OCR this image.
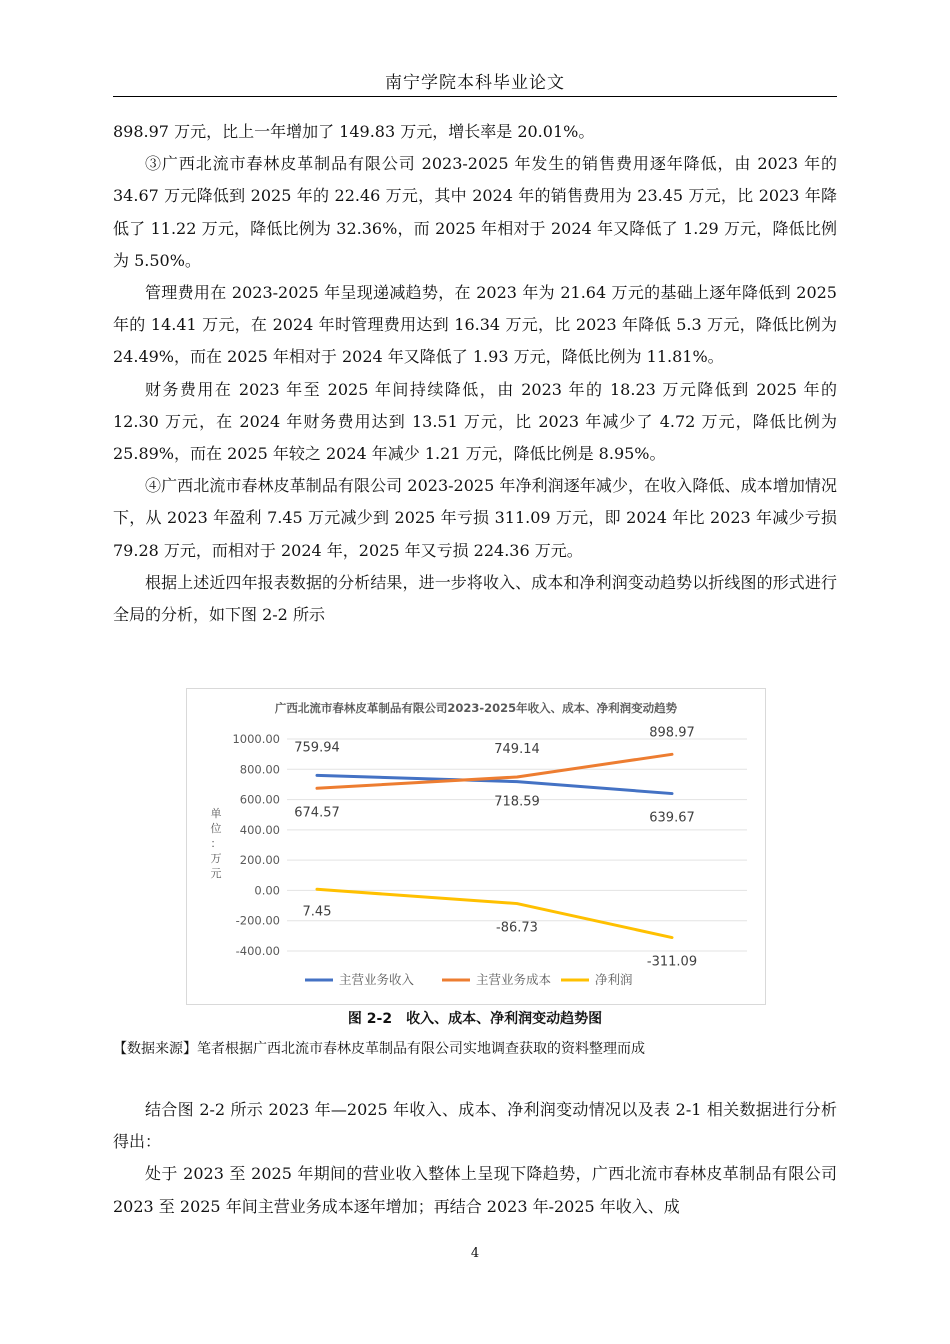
南宁学院本科毕业论文

898.97 万元，比上一年增加了 149.83 万元，增长率是 20.01%。

③广西北流市春林皮革制品有限公司 2023-2025 年发生的销售费用逐年降低，由 2023 年的 34.67 万元降低到 2025 年的 22.46 万元，其中 2024 年的销售费用为 23.45 万元，比 2023 年降低了 11.22 万元，降低比例为 32.36%，而 2025 年相对于 2024 年又降低了 1.29 万元，降低比例为 5.50%。

管理费用在 2023-2025 年呈现递减趋势，在 2023 年为 21.64 万元的基础上逐年降低到 2025 年的 14.41 万元，在 2024 年时管理费用达到 16.34 万元，比 2023 年降低 5.3 万元，降低比例为 24.49%，而在 2025 年相对于 2024 年又降低了 1.93 万元，降低比例为 11.81%。

财务费用在 2023 年至 2025 年间持续降低，由 2023 年的 18.23 万元降低到 2025 年的 12.30 万元，在 2024 年财务费用达到 13.51 万元，比 2023 年减少了 4.72 万元，降低比例为 25.89%，而在 2025 年较之 2024 年减少 1.21 万元，降低比例是 8.95%。

④广西北流市春林皮革制品有限公司 2023-2025 年净利润逐年减少，在收入降低、成本增加情况下，从 2023 年盈利 7.45 万元减少到 2025 年亏损 311.09 万元，即 2024 年比 2023 年减少亏损 79.28 万元，而相对于 2024 年，2025 年又亏损 224.36 万元。

根据上述近四年报表数据的分析结果，进一步将收入、成本和净利润变动趋势以折线图的形式进行全局的分析，如下图 2-2 所示

广西北流市春林皮革制品有限公司2023-2025年收入、成本、净利润变动趋势
1000.00
800.00
600.00
400.00
200.00
0.00
-200.00
-400.00
单
位
：
万
元
759.94
718.59
639.67
674.57
749.14
898.97
7.45
-86.73
-311.09
主营业务收入	主营业务成本	净利润
图 2-2　收入、成本、净利润变动趋势图
【数据来源】笔者根据广西北流市春林皮革制品有限公司实地调查获取的资料整理而成

结合图 2-2 所示 2023 年—2025 年收入、成本、净利润变动情况以及表 2-1 相关数据进行分析得出：

处于 2023 至 2025 年期间的营业收入整体上呈现下降趋势，广西北流市春林皮革制品有限公司 2023 至 2025 年间主营业务成本逐年增加；再结合 2023 年-2025 年收入、成

4
